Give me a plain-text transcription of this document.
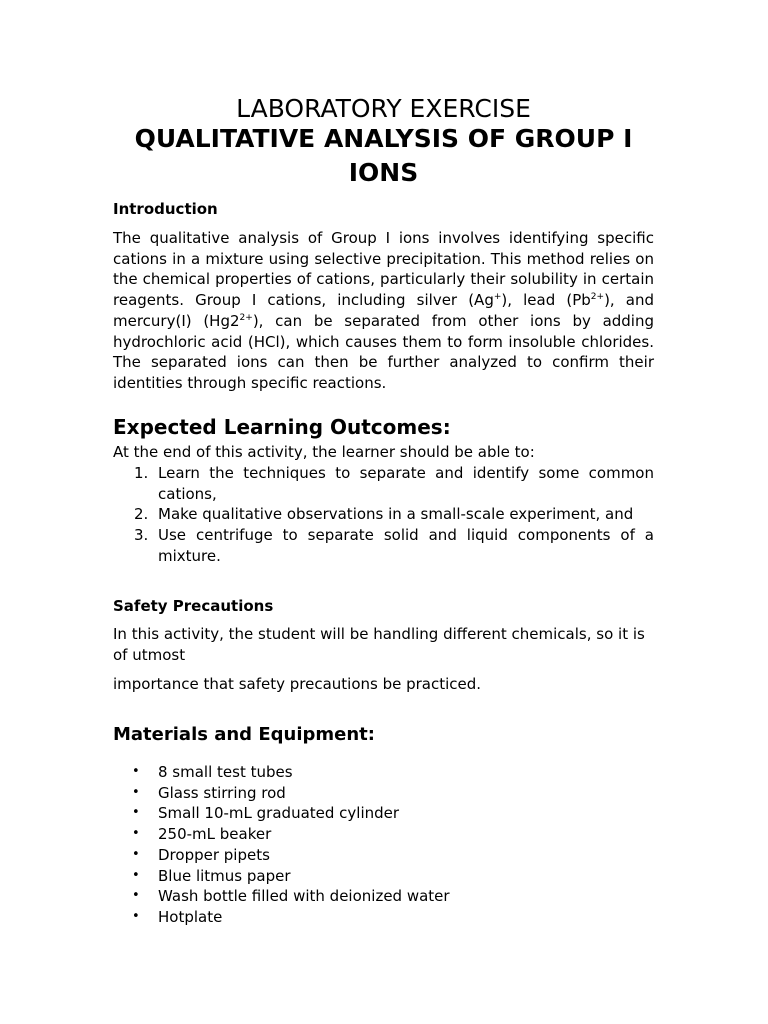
LABORATORY EXERCISE
QUALITATIVE ANALYSIS OF GROUP I IONS
Introduction

The qualitative analysis of Group I ions involves identifying specific cations in a mixture using selective precipitation. This method relies on the chemical properties of cations, particularly their solubility in certain reagents. Group I cations, including silver (Ag+), lead $(Pb^{2+})$, and mercury(I) $(Hg2^{2+})$, can be separated from other ions by adding hydrochloric acid (HCl), which causes them to form insoluble chlorides. The separated ions can then be further analyzed to confirm their identities through specific reactions.

Expected Learning Outcomes:

At the end of this activity, the learner should be able to:

1. Learn the techniques to separate and identify some common cations,
2. Make qualitative observations in a small-scale experiment, and
3. Use centrifuge to separate solid and liquid components of a mixture.
Safety Precautions

In this activity, the student will be handling different chemicals, so it is of utmost

importance that safety precautions be practiced.

Materials and Equipment:
• 8 small test tubes
• Glass stirring rod
• Small 10-mL graduated cylinder
• 250-mL beaker
• Dropper pipets
• Blue litmus paper
• Wash bottle filled with deionized water
• Hotplate
